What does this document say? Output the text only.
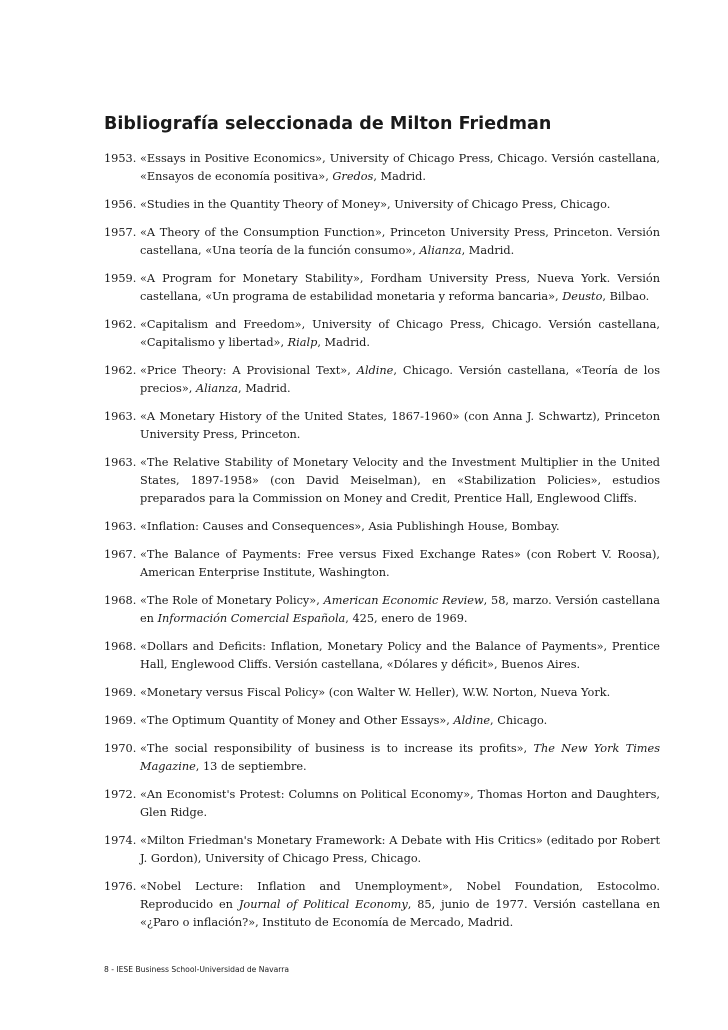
Bibliografía seleccionada de Milton Friedman
1953. «Essays in Positive Economics», University of Chicago Press, Chicago. Versión castellana, «Ensayos de economía positiva», Gredos, Madrid.
1956. «Studies in the Quantity Theory of Money», University of Chicago Press, Chicago.
1957. «A Theory of the Consumption Function», Princeton University Press, Princeton. Versión castellana, «Una teoría de la función consumo», Alianza, Madrid.
1959. «A Program for Monetary Stability», Fordham University Press, Nueva York. Versión castellana, «Un programa de estabilidad monetaria y reforma bancaria», Deusto, Bilbao.
1962. «Capitalism and Freedom», University of Chicago Press, Chicago. Versión castellana, «Capitalismo y libertad», Rialp, Madrid.
1962. «Price Theory: A Provisional Text», Aldine, Chicago. Versión castellana, «Teoría de los precios», Alianza, Madrid.
1963. «A Monetary History of the United States, 1867-1960» (con Anna J. Schwartz), Princeton University Press, Princeton.
1963. «The Relative Stability of Monetary Velocity and the Investment Multiplier in the United States, 1897-1958» (con David Meiselman), en «Stabilization Policies», estudios preparados para la Commission on Money and Credit, Prentice Hall, Englewood Cliffs.
1963. «Inflation: Causes and Consequences», Asia Publishingh House, Bombay.
1967. «The Balance of Payments: Free versus Fixed Exchange Rates» (con Robert V. Roosa), American Enterprise Institute, Washington.
1968. «The Role of Monetary Policy», American Economic Review, 58, marzo. Versión castellana en Información Comercial Española, 425, enero de 1969.
1968. «Dollars and Deficits: Inflation, Monetary Policy and the Balance of Payments», Prentice Hall, Englewood Cliffs. Versión castellana, «Dólares y déficit», Buenos Aires.
1969. «Monetary versus Fiscal Policy» (con Walter W. Heller), W.W. Norton, Nueva York.
1969. «The Optimum Quantity of Money and Other Essays», Aldine, Chicago.
1970. «The social responsibility of business is to increase its profits», The New York Times Magazine, 13 de septiembre.
1972. «An Economist's Protest: Columns on Political Economy», Thomas Horton and Daughters, Glen Ridge.
1974. «Milton Friedman's Monetary Framework: A Debate with His Critics» (editado por Robert J. Gordon), University of Chicago Press, Chicago.
1976. «Nobel Lecture: Inflation and Unemployment», Nobel Foundation, Estocolmo. Reproducido en Journal of Political Economy, 85, junio de 1977. Versión castellana en «¿Paro o inflación?», Instituto de Economía de Mercado, Madrid.
8 - IESE Business School-Universidad de Navarra
